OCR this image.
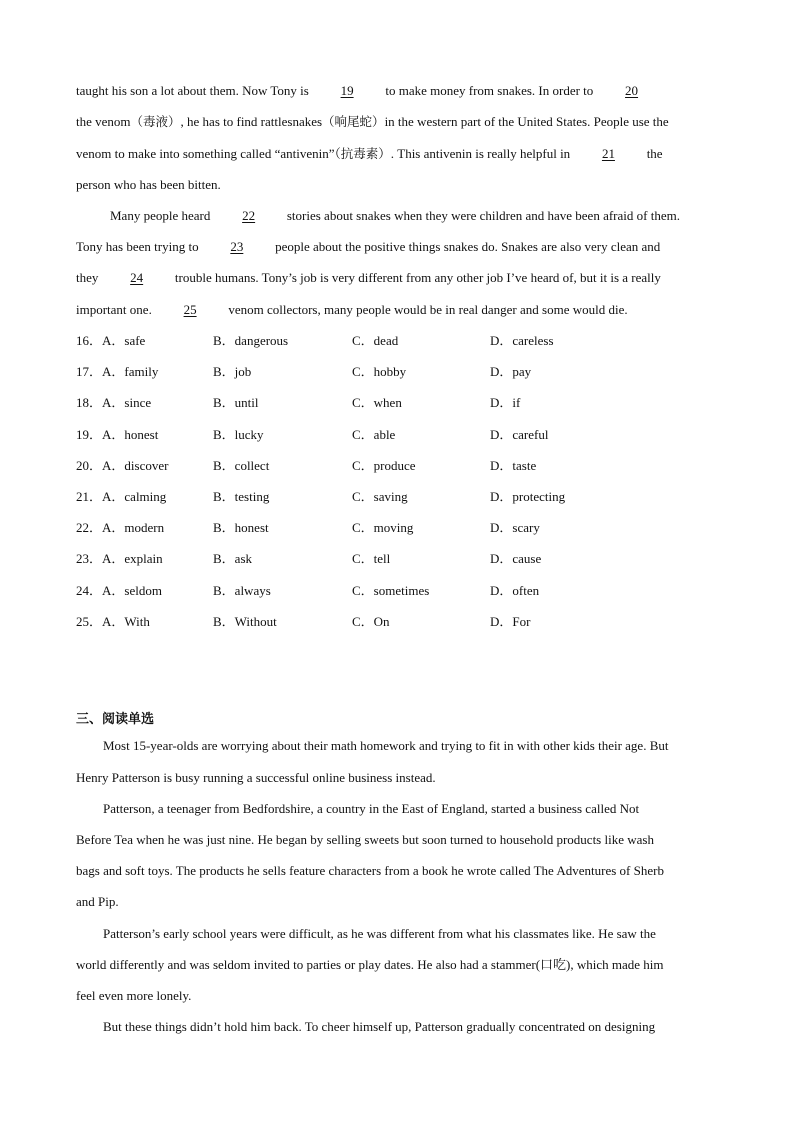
taught his son a lot about them. Now Tony is 19 to make money from snakes. In order to 20
the venom（毒液）, he has to find rattlesnakes（响尾蛇）in the western part of the United States. People use the
venom to make into something called “antivenin”（抗毒素）. This antivenin is really helpful in 21 the
person who has been bitten.
Many people heard 22 stories about snakes when they were children and have been afraid of them.
Tony has been trying to 23 people about the positive things snakes do. Snakes are also very clean and
they 24 trouble humans. Tony’s job is very different from any other job I’ve heard of, but it is a really
important one. 25 venom collectors, many people would be in real danger and some would die.
16．A．safe	B．dangerous	C．dead	D．careless
17．A．family	B．job	C．hobby	D．pay
18．A．since	B．until	C．when	D．if
19．A．honest	B．lucky	C．able	D．careful
20．A．discover	B．collect	C．produce	D．taste
21．A．calming	B．testing	C．saving	D．protecting
22．A．modern	B．honest	C．moving	D．scary
23．A．explain	B．ask	C．tell	D．cause
24．A．seldom	B．always	C．sometimes	D．often
25．A．With	B．Without	C．On	D．For
三、阅读单选
Most 15-year-olds are worrying about their math homework and trying to fit in with other kids their age. But
Henry Patterson is busy running a successful online business instead.
Patterson, a teenager from Bedfordshire, a country in the East of England, started a business called Not
Before Tea when he was just nine. He began by selling sweets but soon turned to household products like wash
bags and soft toys. The products he sells feature characters from a book he wrote called The Adventures of Sherb
and Pip.
Patterson’s early school years were difficult, as he was different from what his classmates like. He saw the
world differently and was seldom invited to parties or play dates. He also had a stammer(口吃), which made him
feel even more lonely.
But these things didn’t hold him back. To cheer himself up, Patterson gradually concentrated on designing
